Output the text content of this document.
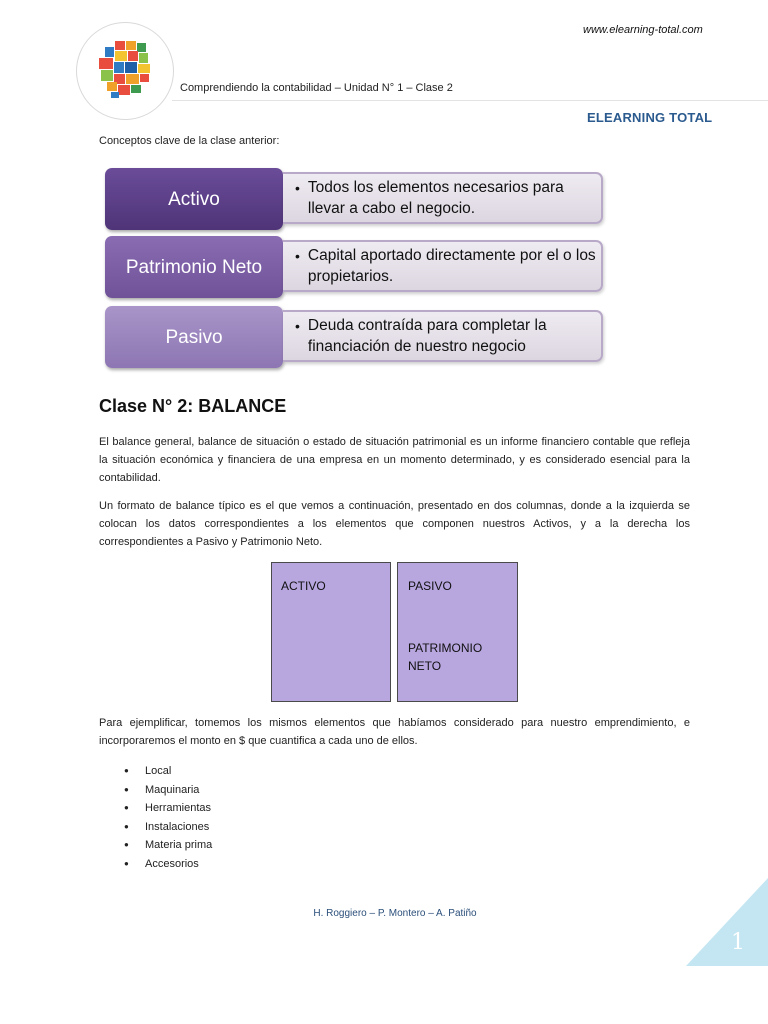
www.elearning-total.com
Comprendiendo la contabilidad – Unidad N° 1 – Clase 2
ELEARNING TOTAL
Conceptos clave de la clase anterior:
Activo
• Todos los elementos necesarios para llevar a cabo el negocio.
Patrimonio Neto
• Capital aportado directamente por el o los propietarios.
Pasivo
• Deuda contraída para completar la financiación de nuestro negocio
Clase N° 2: BALANCE

El balance general, balance de situación o estado de situación patrimonial es un informe financiero contable que refleja la situación económica y financiera de una empresa en un momento determinado, y es considerado esencial para la contabilidad.

Un formato de balance típico es el que vemos a continuación, presentado en dos columnas, donde a la izquierda se colocan los datos correspondientes a los elementos que componen nuestros Activos, y a la derecha los correspondientes a Pasivo y Patrimonio Neto.

ACTIVO	PASIVO
PATRIMONIO NETO

Para ejemplificar, tomemos los mismos elementos que habíamos considerado para nuestro emprendimiento, e incorporaremos el monto en $ que cuantifica a cada uno de ellos.

● Local
● Maquinaria
● Herramientas
● Instalaciones
● Materia prima
● Accesorios
H. Roggiero – P. Montero – A. Patiño
1
